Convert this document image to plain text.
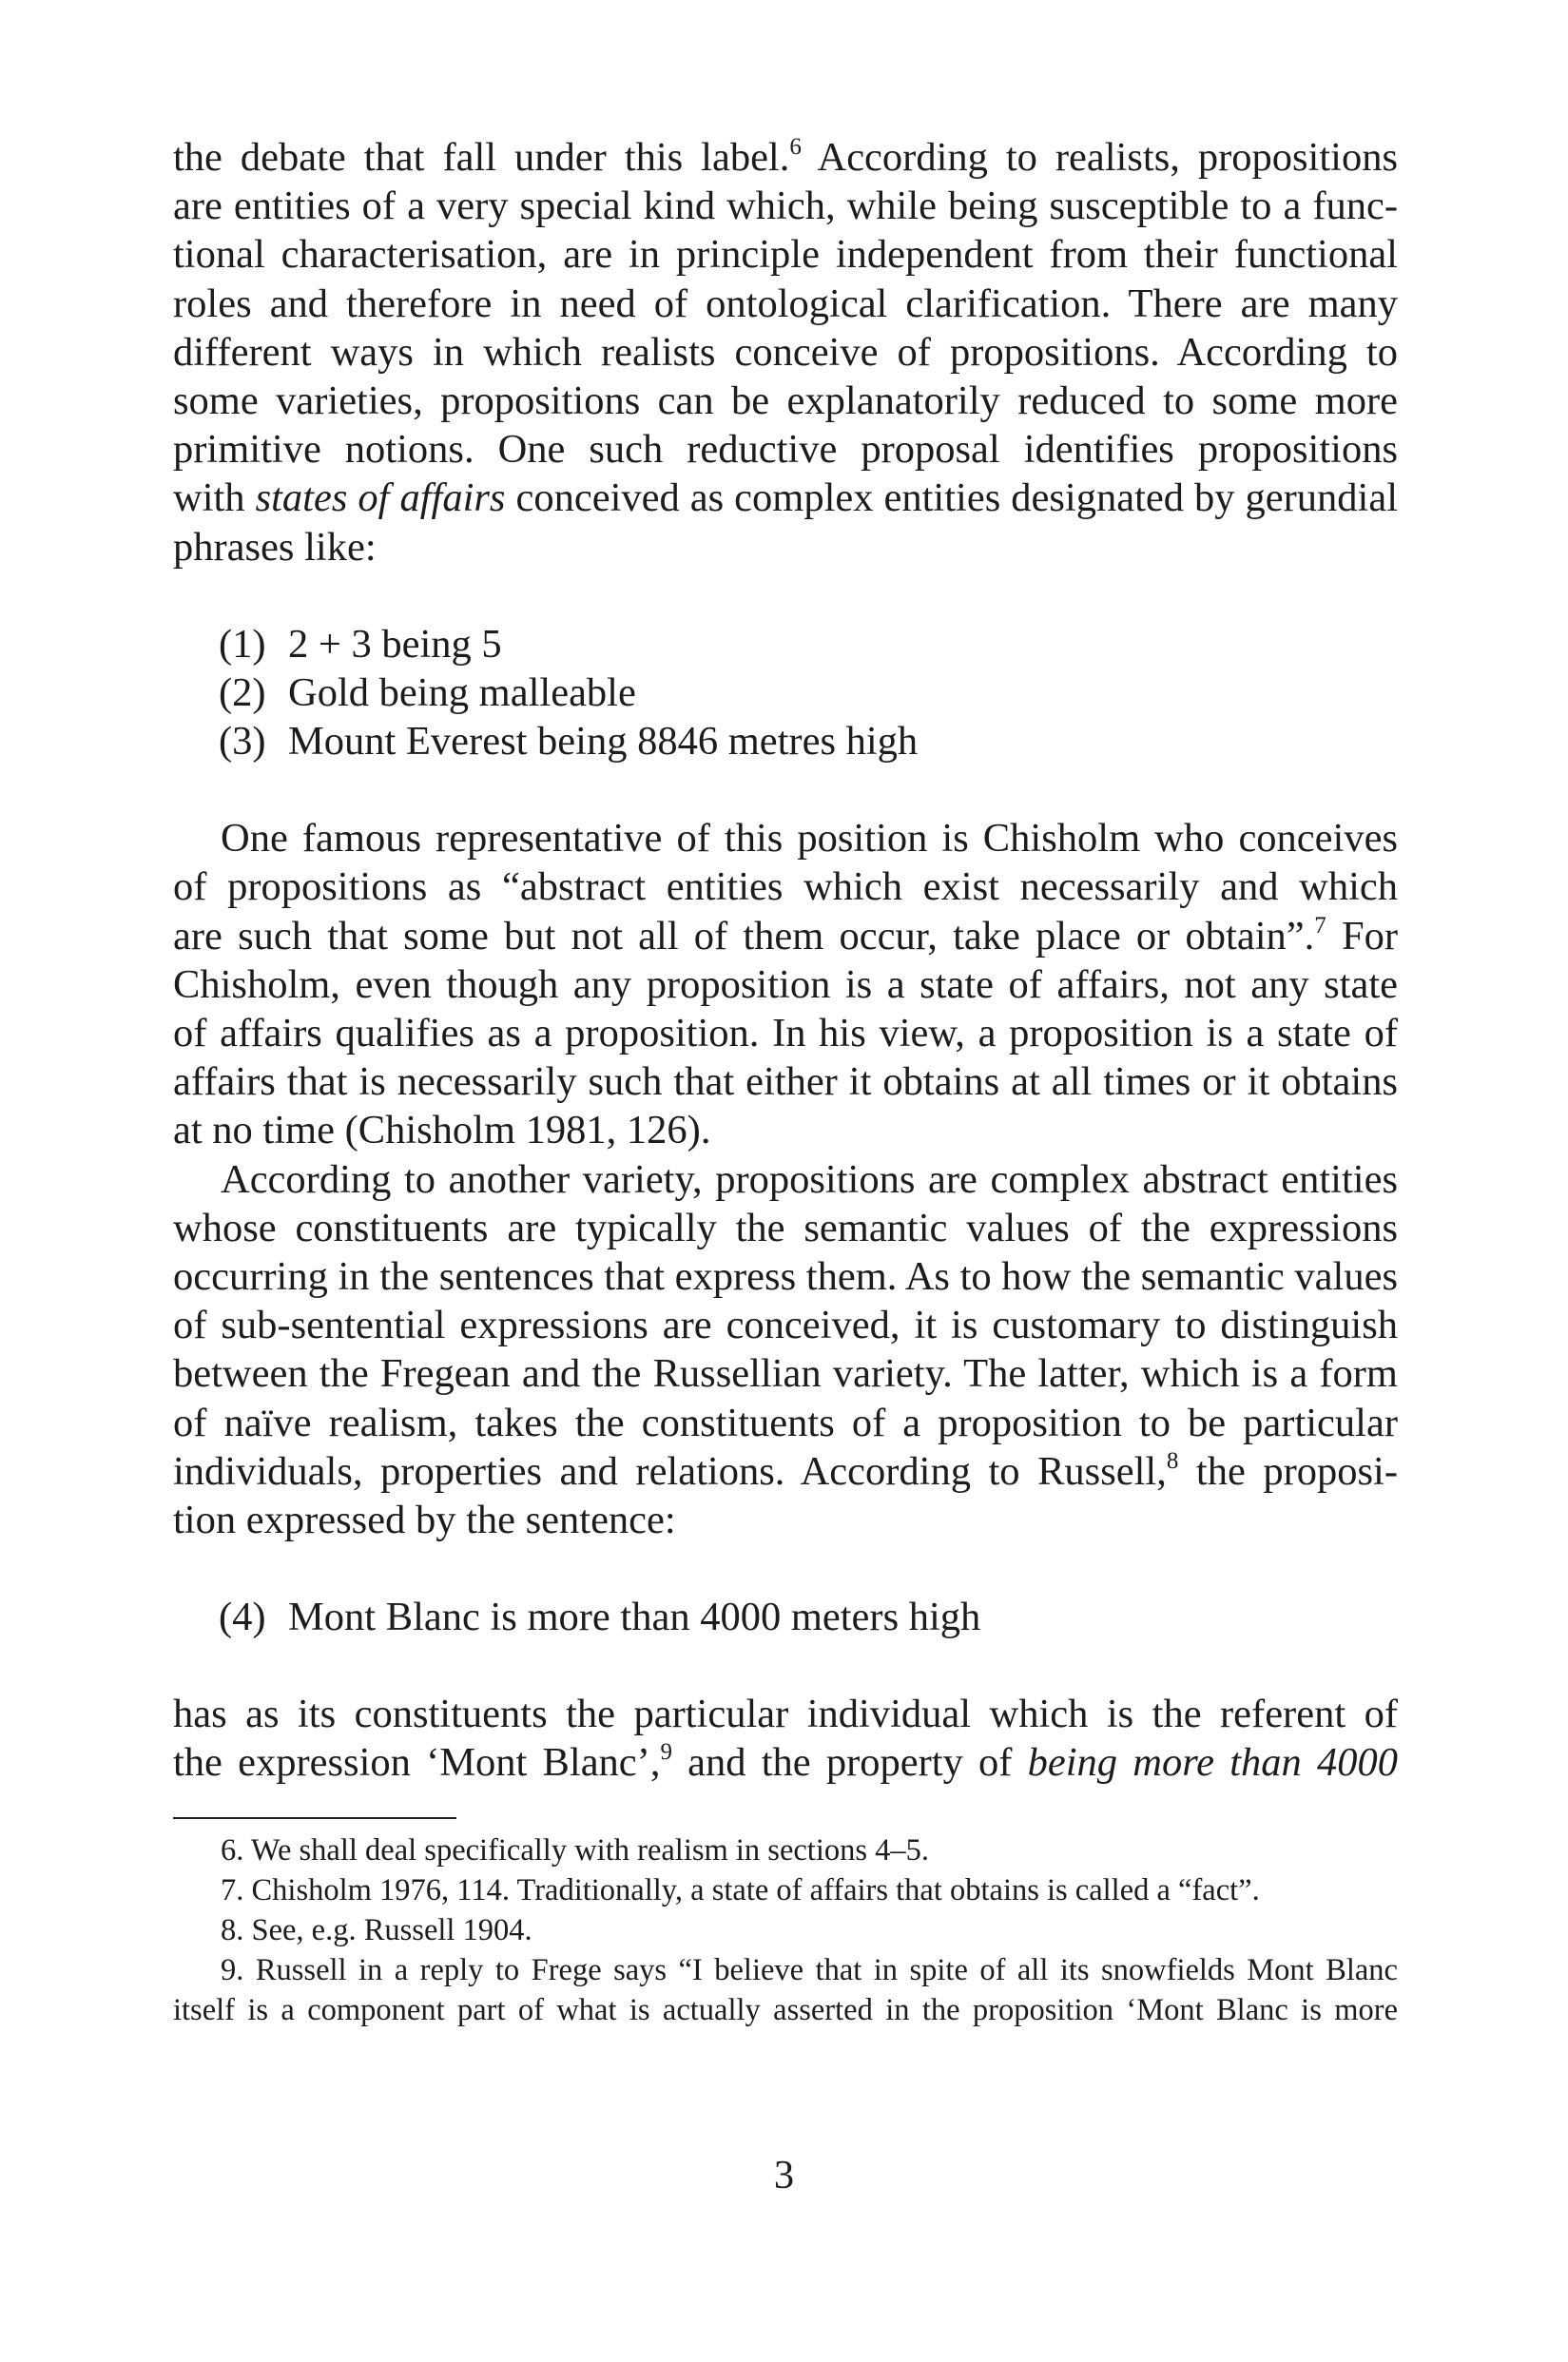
the debate that fall under this label.$^6$ According to realists, propositions
are entities of a very special kind which, while being susceptible to a func-
tional characterisation, are in principle independent from their functional
roles and therefore in need of ontological clarification. There are many
different ways in which realists conceive of propositions. According to
some varieties, propositions can be explanatorily reduced to some more
primitive notions. One such reductive proposal identifies propositions
with states of affairs conceived as complex entities designated by gerundial
phrases like:
(1) 2 + 3 being 5
(2) Gold being malleable
(3) Mount Everest being 8846 metres high
One famous representative of this position is Chisholm who conceives
of propositions as “abstract entities which exist necessarily and which
are such that some but not all of them occur, take place or obtain”.$^7$ For
Chisholm, even though any proposition is a state of affairs, not any state
of affairs qualifies as a proposition. In his view, a proposition is a state of
affairs that is necessarily such that either it obtains at all times or it obtains
at no time (Chisholm 1981, 126).
According to another variety, propositions are complex abstract entities
whose constituents are typically the semantic values of the expressions
occurring in the sentences that express them. As to how the semantic values
of sub-sentential expressions are conceived, it is customary to distinguish
between the Fregean and the Russellian variety. The latter, which is a form
of naïve realism, takes the constituents of a proposition to be particular
individuals, properties and relations. According to Russell,$^8$ the proposi-
tion expressed by the sentence:
(4) Mont Blanc is more than 4000 meters high
has as its constituents the particular individual which is the referent of
the expression ‘Mont Blanc’,$^9$ and the property of being more than 4000
6. We shall deal specifically with realism in sections 4–5.
7. Chisholm 1976, 114. Traditionally, a state of affairs that obtains is called a “fact”.
8. See, e.g. Russell 1904.
9. Russell in a reply to Frege says “I believe that in spite of all its snowfields Mont Blanc
itself is a component part of what is actually asserted in the proposition ‘Mont Blanc is more
3
